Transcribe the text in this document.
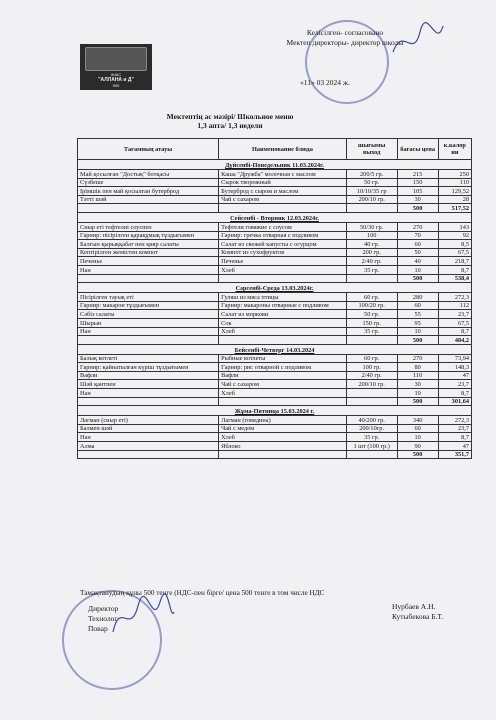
ЖШС
"АЛЛАНА и Д"
900
Келісілген- согласовано
Мектеп директоры- директор школы
«11» 03 2024 ж.
Мектептің ас мәзірі/ Школьное меню
1,3 апта/ 1,3 недели
Тағамның атауы	Наименование блюда	шығымы выход	бағасы цена	к.калор ии
Дүйсенбі-Понедельник 11.03.2024г.				
Май қосылған "Достық" ботқасы	Каша "Дружба" молочная с маслом	200/5 гр.	215	250
Сүзбеше	Сырок творожный	50 гр.	150	110
Ірімшік пен май қосылған бутерброд	Бутерброд с сыром и маслом	10/10/35 гр	105	129,52
Тәтті шәй	Чай с сахаром	200/10 гр.	30	28
			500	517,52
Сейсенбі - Вторник 12.03.2024г.				
Сиыр еті тефтелиі соуспен	Тефтели говяжие с соусом	50/30 гр.	270	143
Гарнир: пісірілген қарақұмық тұздығымен	Гарнир: гречка отварная с подливом	100	70	92
Балғын қырыққабат пен қияр салаты	Салат из свежей капусты с огурцом	40 гр.	60	8,5
Кептірілген жемістен компот	Компот из сухофруктов	200 гр.	50	67,5
Печенье	Печенье	2/40 гр.	40	218,7
Нан	Хлеб	35 гр.	10	8,7
			500	538,4
Сәрсенбі-Среда 13.03.2024г.				
Пісірілген тауық еті	Гуляш из мяса птицы	60 гр.	280	272,3
Гарнир: макарон тұздығымен	Гарнир: макароны отварные с подливом	100/20 гр.	60	112
Сәбіз салаты	Салат из моркови	50 гр.	55	23,7
Шырын	Сок	150 гр.	95	67,5
Нан	Хлеб	35 гр.	10	8,7
			500	484,2
Бейсенбі-Четверг 14.03.2024				
Балық котлеті	Рыбные котлеты	60 гр.	270	73,94
Гарнир: қайнатылған күріш тұздығымен	Гарнир: рис отварной с подливом	100 гр.	80	148,3
Вафли	Вафли	2/40 гр.	110	47
Шәй қантпен	Чай с сахаром	200/10 гр.	30	23,7
Нан	Хлеб		10	8,7
			500	301,64
Жұма-Пятница 15.03.2024 г.				
Лагман (сиыр еті)	Лагман (говядина)	40/200 гр.	340	272,3
Балмен шәй	Чай с медом	200/10гр.	60	23,7
Нан	Хлеб	35 гр.	10	8,7
Алма	Яблоко	1 шт (100 гр.)	90	47
			500	351,7
Тамақтанудың құны 500 тенге (НДС-пен бірге/ цена 500 тенге в том числе НДС
Директор
Технолог
Повар
Нурбаев А.Н.
Кутыбекова Б.Т.
